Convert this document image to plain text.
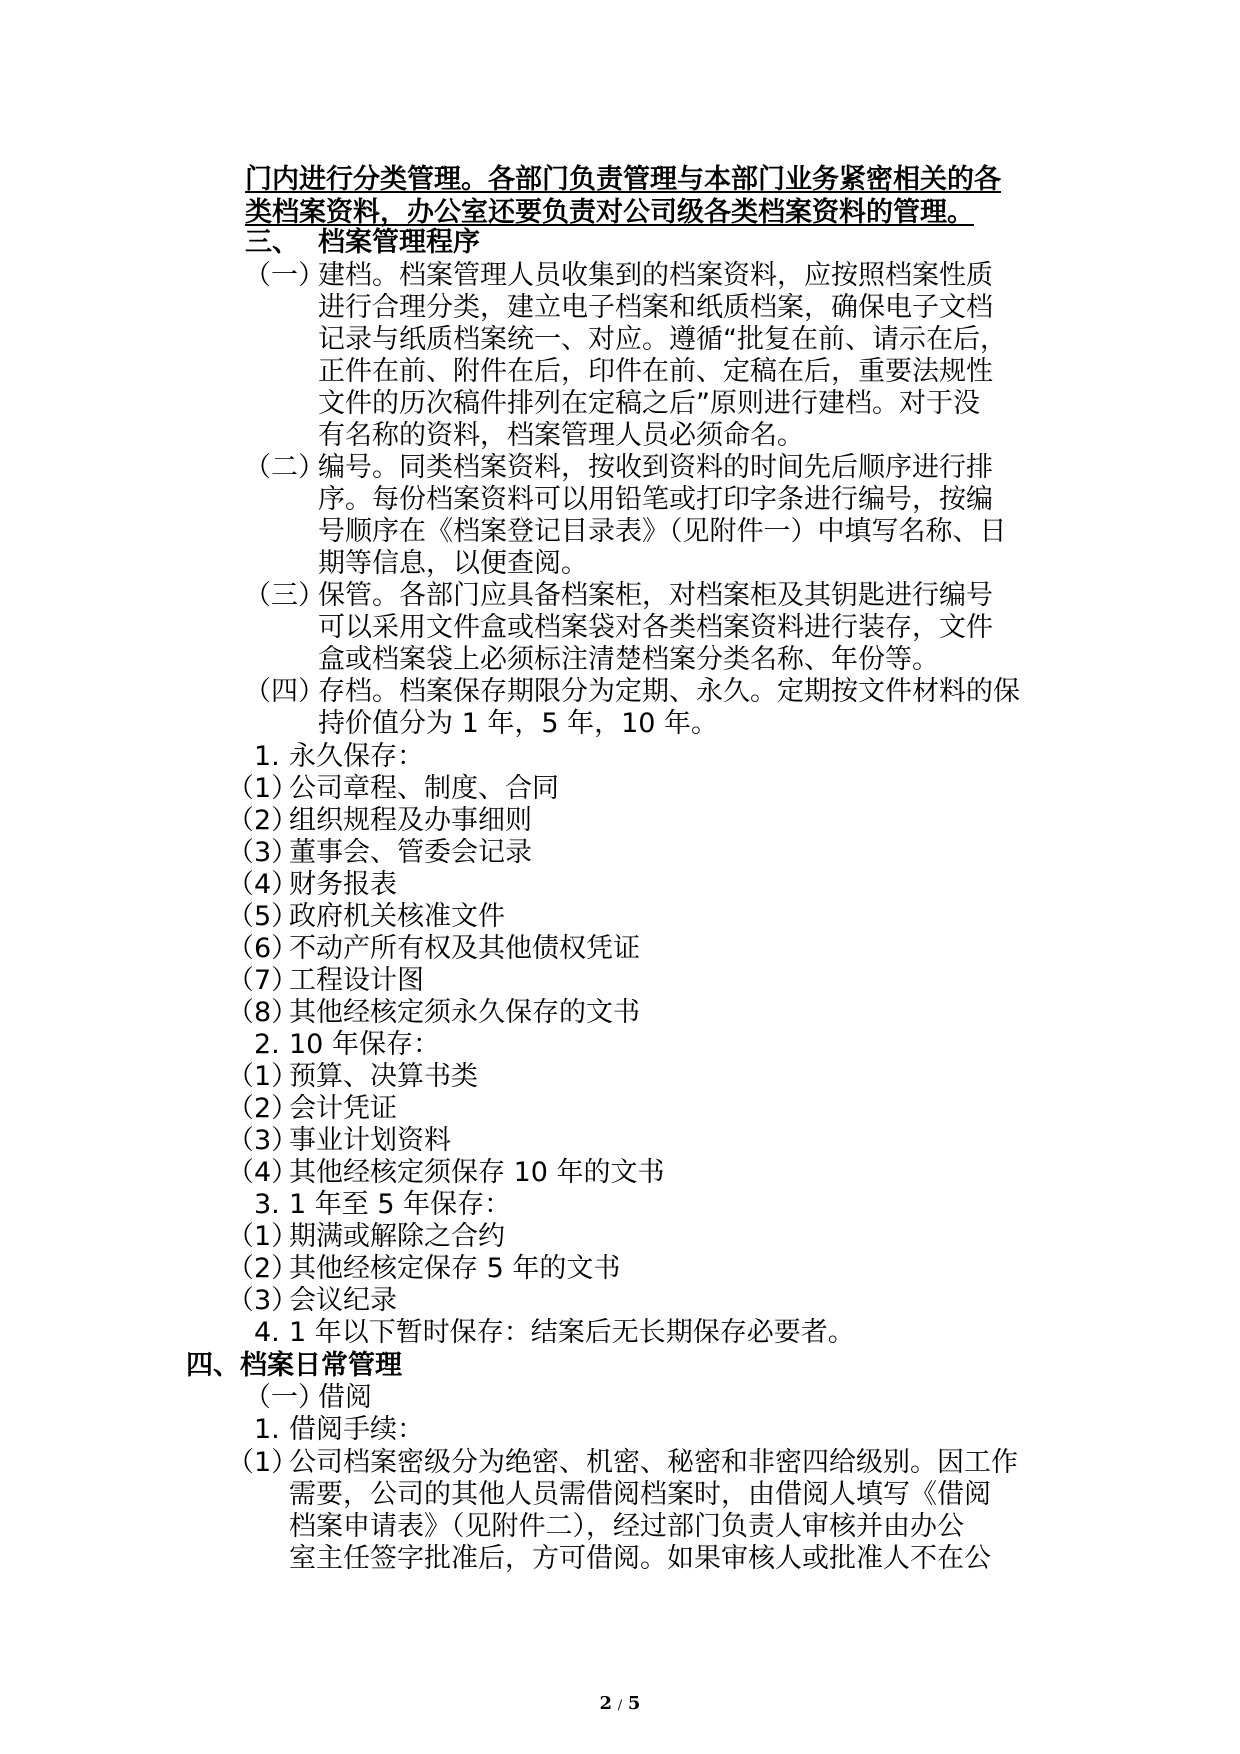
门内进行分类管理。各部门负责管理与本部门业务紧密相关的各
类档案资料，办公室还要负责对公司级各类档案资料的管理。
三、 档案管理程序
（一）
建档。档案管理人员收集到的档案资料，应按照档案性质
进行合理分类，建立电子档案和纸质档案，确保电子文档
记录与纸质档案统一、对应。遵循“批复在前、请示在后，
正件在前、附件在后，印件在前、定稿在后，重要法规性
文件的历次稿件排列在定稿之后”原则进行建档。对于没
有名称的资料，档案管理人员必须命名。
（二）
编号。同类档案资料，按收到资料的时间先后顺序进行排
序。每份档案资料可以用铅笔或打印字条进行编号，按编
号顺序在《档案登记目录表》（见附件一）中填写名称、日
期等信息，以便查阅。
（三）
保管。各部门应具备档案柜，对档案柜及其钥匙进行编号
可以采用文件盒或档案袋对各类档案资料进行装存，文件
盒或档案袋上必须标注清楚档案分类名称、年份等。
（四）
存档。档案保存期限分为定期、永久。定期按文件材料的保
持价值分为 1 年，5 年，10 年。
1. 永久保存：
（1）
公司章程、制度、合同
（2）
组织规程及办事细则
（3）
董事会、管委会记录
（4）
财务报表
（5）
政府机关核准文件
（6）
不动产所有权及其他债权凭证
（7）
工程设计图
（8）
其他经核定须永久保存的文书
2. 10 年保存：
（1）
预算、决算书类
（2）
会计凭证
（3）
事业计划资料
（4）
其他经核定须保存 10 年的文书
3. 1 年至 5 年保存：
（1）
期满或解除之合约
（2）
其他经核定保存 5 年的文书
（3）
会议纪录
4. 1 年以下暂时保存：结案后无长期保存必要者。
四、档案日常管理
（一）
借阅
1. 借阅手续：
（1）
公司档案密级分为绝密、机密、秘密和非密四给级别。因工作
需要，公司的其他人员需借阅档案时，由借阅人填写《借阅
档案申请表》（见附件二），经过部门负责人审核并由办公
室主任签字批准后，方可借阅。如果审核人或批准人不在公
2 / 5
